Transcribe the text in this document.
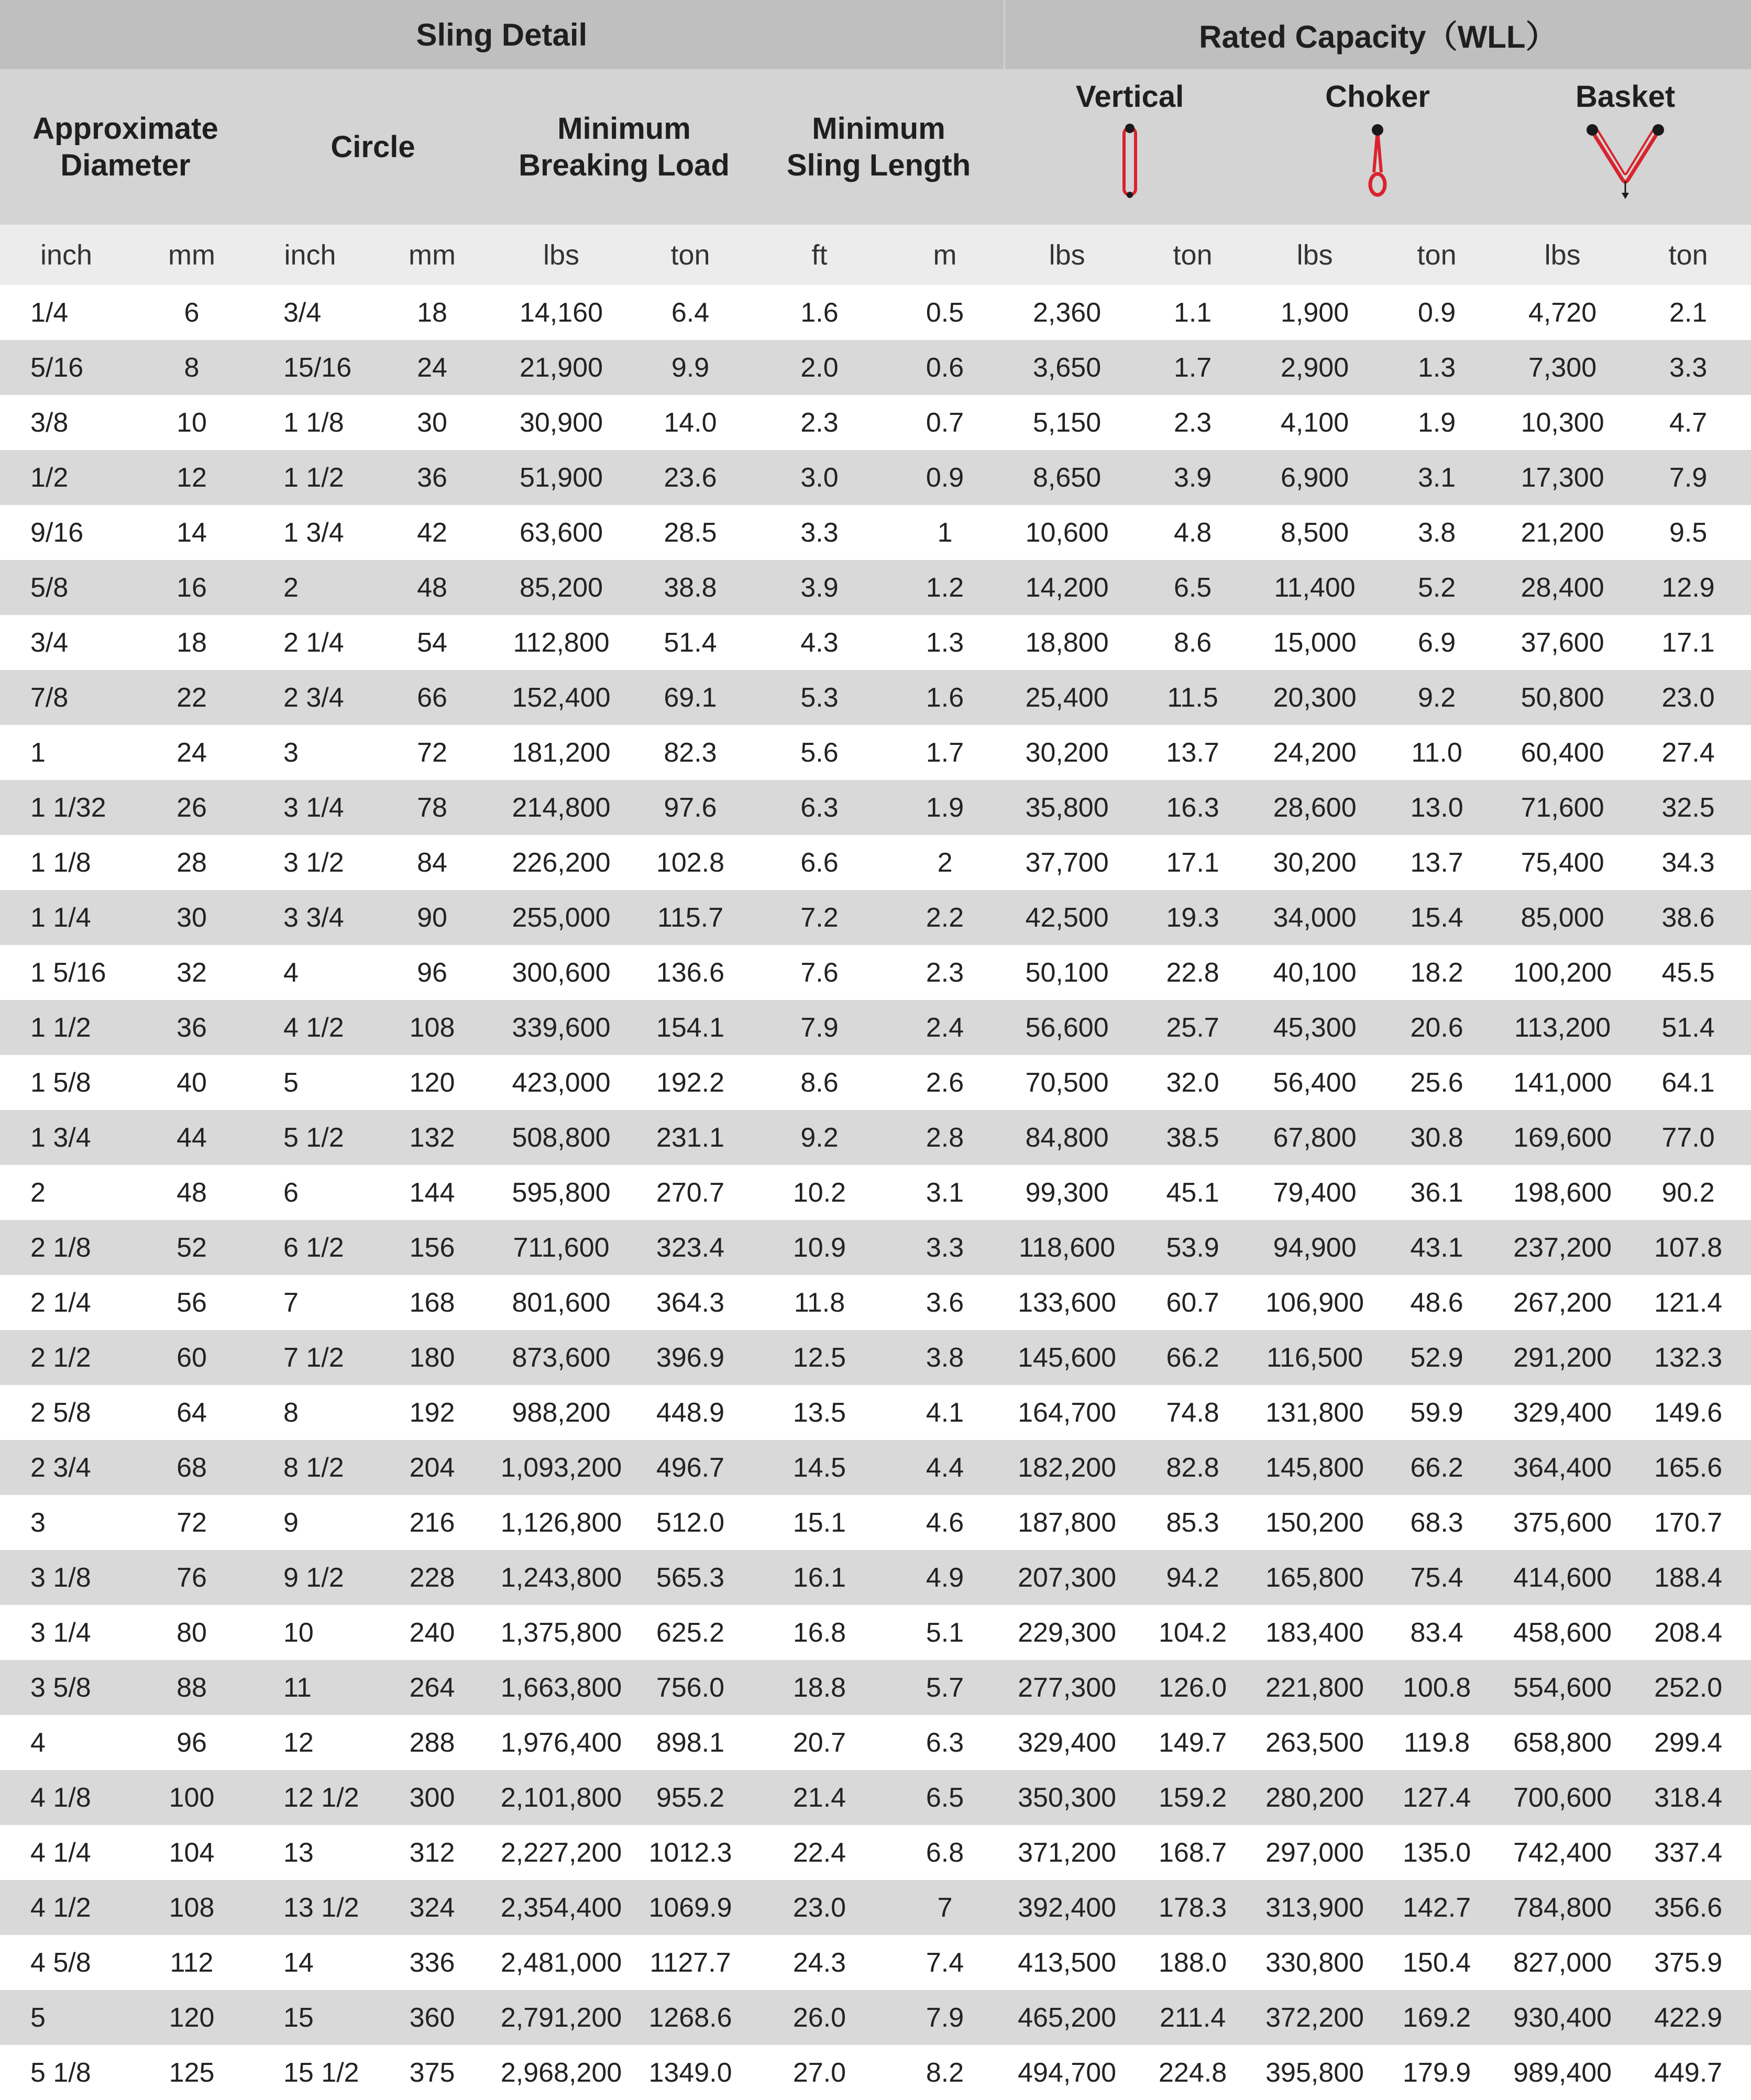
Sling Detail								Rated Capacity（WLL）					
Approximate
Diameter		Circle		Minimum
Breaking Load		Minimum
Sling Length		Vertical		Choker		Basket	

inch	mm	inch	mm	lbs	ton	ft	m	lbs	ton	lbs	ton	lbs	ton
1/4	6	3/4	18	14,160	6.4	1.6	0.5	2,360	1.1	1,900	0.9	4,720	2.1
5/16	8	15/16	24	21,900	9.9	2.0	0.6	3,650	1.7	2,900	1.3	7,300	3.3
3/8	10	1 1/8	30	30,900	14.0	2.3	0.7	5,150	2.3	4,100	1.9	10,300	4.7
1/2	12	1 1/2	36	51,900	23.6	3.0	0.9	8,650	3.9	6,900	3.1	17,300	7.9
9/16	14	1 3/4	42	63,600	28.5	3.3	1	10,600	4.8	8,500	3.8	21,200	9.5
5/8	16	2	48	85,200	38.8	3.9	1.2	14,200	6.5	11,400	5.2	28,400	12.9
3/4	18	2 1/4	54	112,800	51.4	4.3	1.3	18,800	8.6	15,000	6.9	37,600	17.1
7/8	22	2 3/4	66	152,400	69.1	5.3	1.6	25,400	11.5	20,300	9.2	50,800	23.0
1	24	3	72	181,200	82.3	5.6	1.7	30,200	13.7	24,200	11.0	60,400	27.4
1 1/32	26	3 1/4	78	214,800	97.6	6.3	1.9	35,800	16.3	28,600	13.0	71,600	32.5
1 1/8	28	3 1/2	84	226,200	102.8	6.6	2	37,700	17.1	30,200	13.7	75,400	34.3
1 1/4	30	3 3/4	90	255,000	115.7	7.2	2.2	42,500	19.3	34,000	15.4	85,000	38.6
1 5/16	32	4	96	300,600	136.6	7.6	2.3	50,100	22.8	40,100	18.2	100,200	45.5
1 1/2	36	4 1/2	108	339,600	154.1	7.9	2.4	56,600	25.7	45,300	20.6	113,200	51.4
1 5/8	40	5	120	423,000	192.2	8.6	2.6	70,500	32.0	56,400	25.6	141,000	64.1
1 3/4	44	5 1/2	132	508,800	231.1	9.2	2.8	84,800	38.5	67,800	30.8	169,600	77.0
2	48	6	144	595,800	270.7	10.2	3.1	99,300	45.1	79,400	36.1	198,600	90.2
2 1/8	52	6 1/2	156	711,600	323.4	10.9	3.3	118,600	53.9	94,900	43.1	237,200	107.8
2 1/4	56	7	168	801,600	364.3	11.8	3.6	133,600	60.7	106,900	48.6	267,200	121.4
2 1/2	60	7 1/2	180	873,600	396.9	12.5	3.8	145,600	66.2	116,500	52.9	291,200	132.3
2 5/8	64	8	192	988,200	448.9	13.5	4.1	164,700	74.8	131,800	59.9	329,400	149.6
2 3/4	68	8 1/2	204	1,093,200	496.7	14.5	4.4	182,200	82.8	145,800	66.2	364,400	165.6
3	72	9	216	1,126,800	512.0	15.1	4.6	187,800	85.3	150,200	68.3	375,600	170.7
3 1/8	76	9 1/2	228	1,243,800	565.3	16.1	4.9	207,300	94.2	165,800	75.4	414,600	188.4
3 1/4	80	10	240	1,375,800	625.2	16.8	5.1	229,300	104.2	183,400	83.4	458,600	208.4
3 5/8	88	11	264	1,663,800	756.0	18.8	5.7	277,300	126.0	221,800	100.8	554,600	252.0
4	96	12	288	1,976,400	898.1	20.7	6.3	329,400	149.7	263,500	119.8	658,800	299.4
4 1/8	100	12 1/2	300	2,101,800	955.2	21.4	6.5	350,300	159.2	280,200	127.4	700,600	318.4
4 1/4	104	13	312	2,227,200	1012.3	22.4	6.8	371,200	168.7	297,000	135.0	742,400	337.4
4 1/2	108	13 1/2	324	2,354,400	1069.9	23.0	7	392,400	178.3	313,900	142.7	784,800	356.6
4 5/8	112	14	336	2,481,000	1127.7	24.3	7.4	413,500	188.0	330,800	150.4	827,000	375.9
5	120	15	360	2,791,200	1268.6	26.0	7.9	465,200	211.4	372,200	169.2	930,400	422.9
5 1/8	125	15 1/2	375	2,968,200	1349.0	27.0	8.2	494,700	224.8	395,800	179.9	989,400	449.7
